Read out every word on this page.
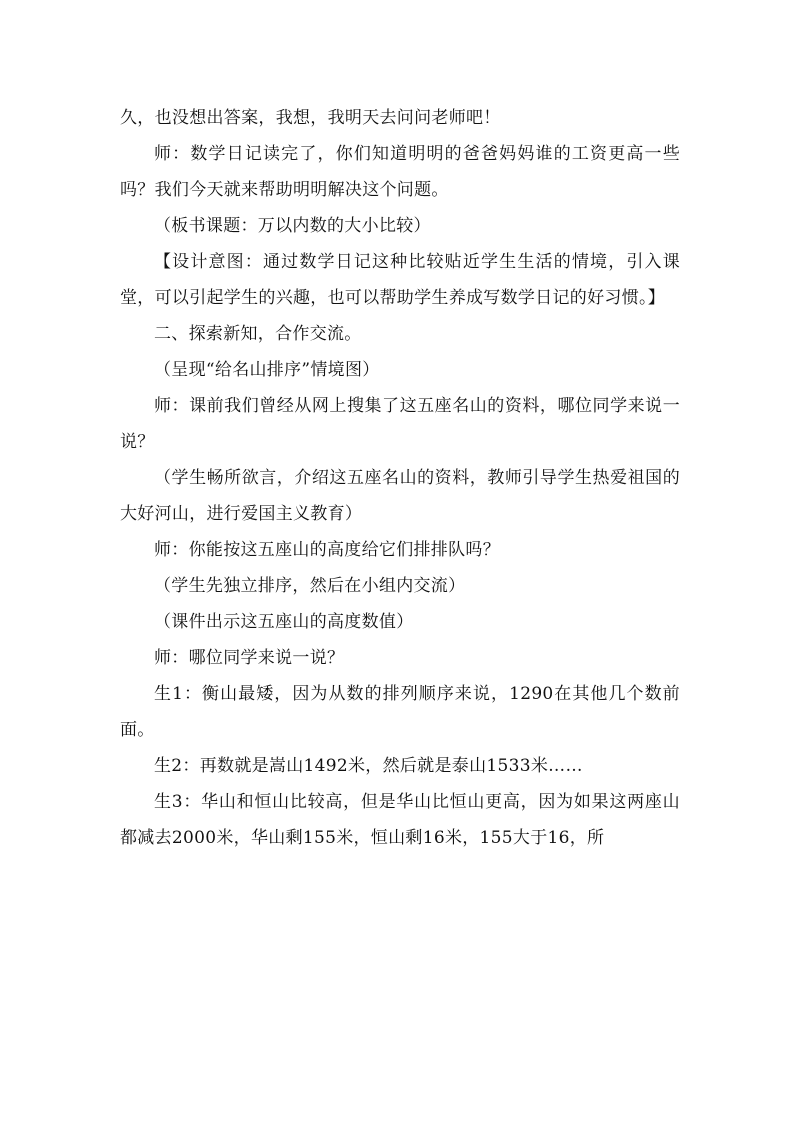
久，也没想出答案，我想，我明天去问问老师吧！

师：数学日记读完了，你们知道明明的爸爸妈妈谁的工资更高一些吗？我们今天就来帮助明明解决这个问题。

（板书课题：万以内数的大小比较）

【设计意图：通过数学日记这种比较贴近学生生活的情境，引入课堂，可以引起学生的兴趣，也可以帮助学生养成写数学日记的好习惯。】

二、探索新知，合作交流。

（呈现“给名山排序”情境图）

师：课前我们曾经从网上搜集了这五座名山的资料，哪位同学来说一说？

（学生畅所欲言，介绍这五座名山的资料，教师引导学生热爱祖国的大好河山，进行爱国主义教育）

师：你能按这五座山的高度给它们排排队吗？

（学生先独立排序，然后在小组内交流）

（课件出示这五座山的高度数值）

师：哪位同学来说一说？

生1：衡山最矮，因为从数的排列顺序来说，1290在其他几个数前面。

生2：再数就是嵩山1492米，然后就是泰山1533米……

生3：华山和恒山比较高，但是华山比恒山更高，因为如果这两座山都减去2000米，华山剩155米，恒山剩16米，155大于16，所
